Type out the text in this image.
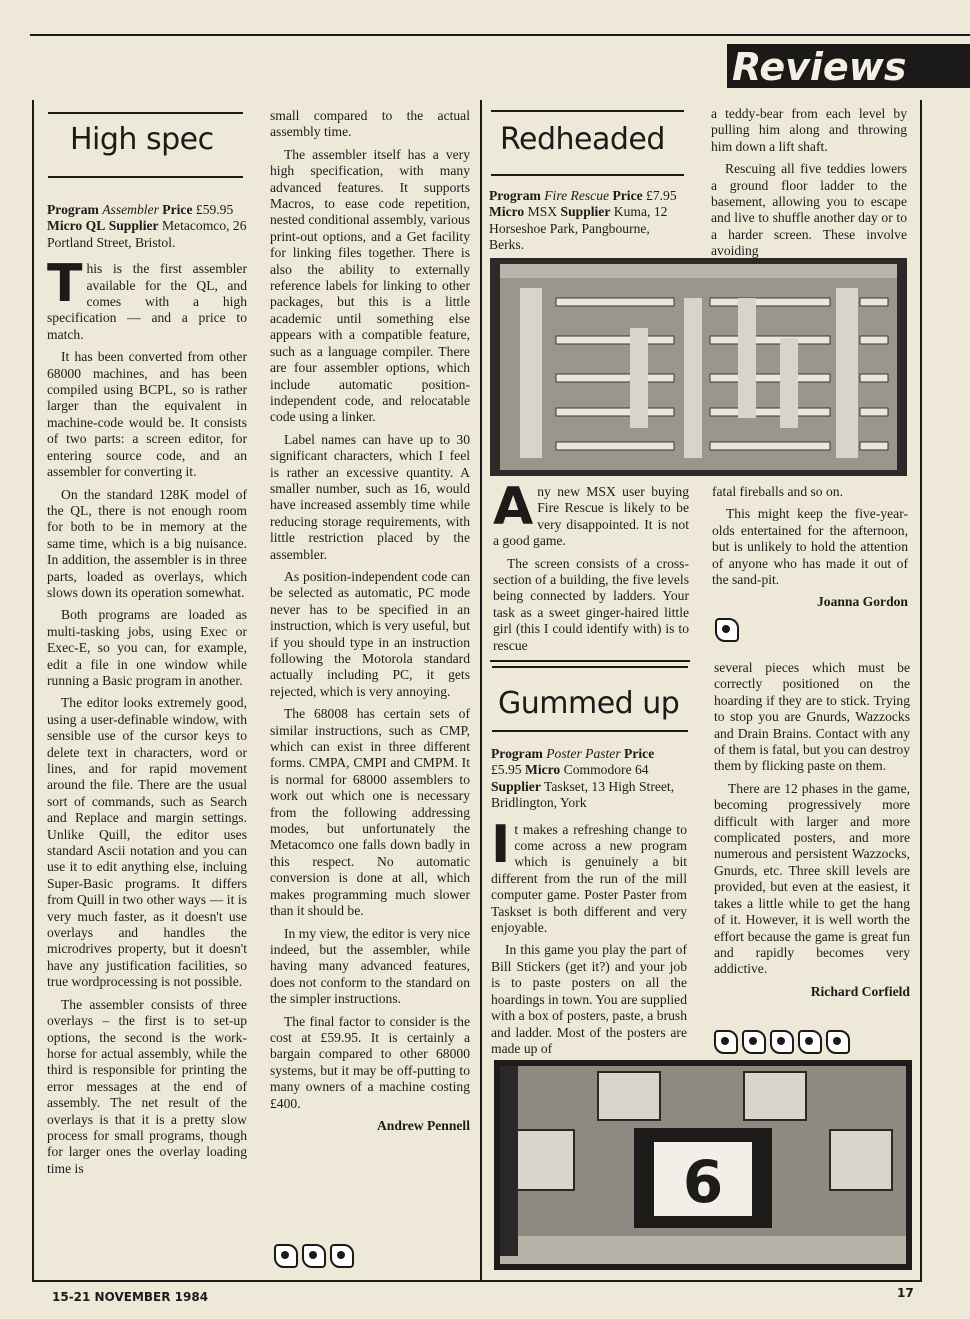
Reviews
High spec
Program Assembler Price £59.95 Micro QL Supplier Metacomco, 26 Portland Street, Bristol.

This is the first assembler available for the QL, and comes with a high specification — and a price to match.

It has been converted from other 68000 machines, and has been compiled using BCPL, so is rather larger than the equivalent in machine-code would be. It consists of two parts: a screen editor, for entering source code, and an assembler for converting it.

On the standard 128K model of the QL, there is not enough room for both to be in memory at the same time, which is a big nuisance. In addition, the assembler is in three parts, loaded as overlays, which slows down its operation somewhat.

Both programs are loaded as multi-tasking jobs, using Exec or Exec-E, so you can, for example, edit a file in one window while running a Basic program in another.

The editor looks extremely good, using a user-definable window, with sensible use of the cursor keys to delete text in characters, word or lines, and for rapid movement around the file. There are the usual sort of commands, such as Search and Replace and margin settings. Unlike Quill, the editor uses standard Ascii notation and you can use it to edit anything else, incluing Super-Basic programs. It differs from Quill in two other ways — it is very much faster, as it doesn't use overlays and handles the microdrives property, but it doesn't have any justification facilities, so true wordprocessing is not possible.

The assembler consists of three overlays – the first is to set-up options, the second is the work-horse for actual assembly, while the third is responsible for printing the error messages at the end of assembly. The net result of the overlays is that it is a pretty slow process for small programs, though for larger ones the overlay loading time is

small compared to the actual assembly time.

The assembler itself has a very high specification, with many advanced features. It supports Macros, to ease code repetition, nested conditional assembly, various print-out options, and a Get facility for linking files together. There is also the ability to externally reference labels for linking to other packages, but this is a little academic until something else appears with a compatible feature, such as a language compiler. There are four assembler options, which include automatic position-independent code, and relocatable code using a linker.

Label names can have up to 30 significant characters, which I feel is rather an excessive quantity. A smaller number, such as 16, would have increased assembly time while reducing storage requirements, with little restriction placed by the assembler.

As position-independent code can be selected as automatic, PC mode never has to be specified in an instruction, which is very useful, but if you should type in an instruction following the Motorola standard actually including PC, it gets rejected, which is very annoying.

The 68008 has certain sets of similar instructions, such as CMP, which can exist in three different forms. CMPA, CMPI and CMPM. It is normal for 68000 assemblers to work out which one is necessary from the following addressing modes, but unfortunately the Metacomco one falls down badly in this respect. No automatic conversion is done at all, which makes programming much slower than it should be.

In my view, the editor is very nice indeed, but the assembler, while having many advanced features, does not conform to the standard on the simpler instructions.

The final factor to consider is the cost at £59.95. It is certainly a bargain compared to other 68000 systems, but it may be off-putting to many owners of a machine costing £400.

Andrew Pennell
Redheaded
Program Fire Rescue Price £7.95 Micro MSX Supplier Kuma, 12 Horseshoe Park, Pangbourne, Berks.

a teddy-bear from each level by pulling him along and throwing him down a lift shaft.

Rescuing all five teddies lowers a ground floor ladder to the basement, allowing you to escape and live to shuffle another day or to a harder screen. These involve avoiding

Any new MSX user buying Fire Rescue is likely to be very disappointed. It is not a good game.

The screen consists of a cross-section of a building, the five levels being connected by ladders. Your task as a sweet ginger-haired little girl (this I could identify with) is to rescue

fatal fireballs and so on.

This might keep the five-year-olds entertained for the afternoon, but is unlikely to hold the attention of anyone who has made it out of the sand-pit.

Joanna Gordon
Gummed up
Program Poster Paster Price £5.95 Micro Commodore 64 Supplier Taskset, 13 High Street, Bridlington, York

It makes a refreshing change to come across a new program which is genuinely a bit different from the run of the mill computer game. Poster Paster from Taskset is both different and very enjoyable.

In this game you play the part of Bill Stickers (get it?) and your job is to paste posters on all the hoardings in town. You are supplied with a box of posters, paste, a brush and ladder. Most of the posters are made up of

several pieces which must be correctly positioned on the hoarding if they are to stick. Trying to stop you are Gnurds, Wazzocks and Drain Brains. Contact with any of them is fatal, but you can destroy them by flicking paste on them.

There are 12 phases in the game, becoming progressively more difficult with larger and more complicated posters, and more numerous and persistent Wazzocks, Gnurds, etc. Three skill levels are provided, but even at the easiest, it takes a little while to get the hang of it. However, it is well worth the effort because the game is great fun and rapidly becomes very addictive.

Richard Corfield
6
15-21 NOVEMBER 1984	17
